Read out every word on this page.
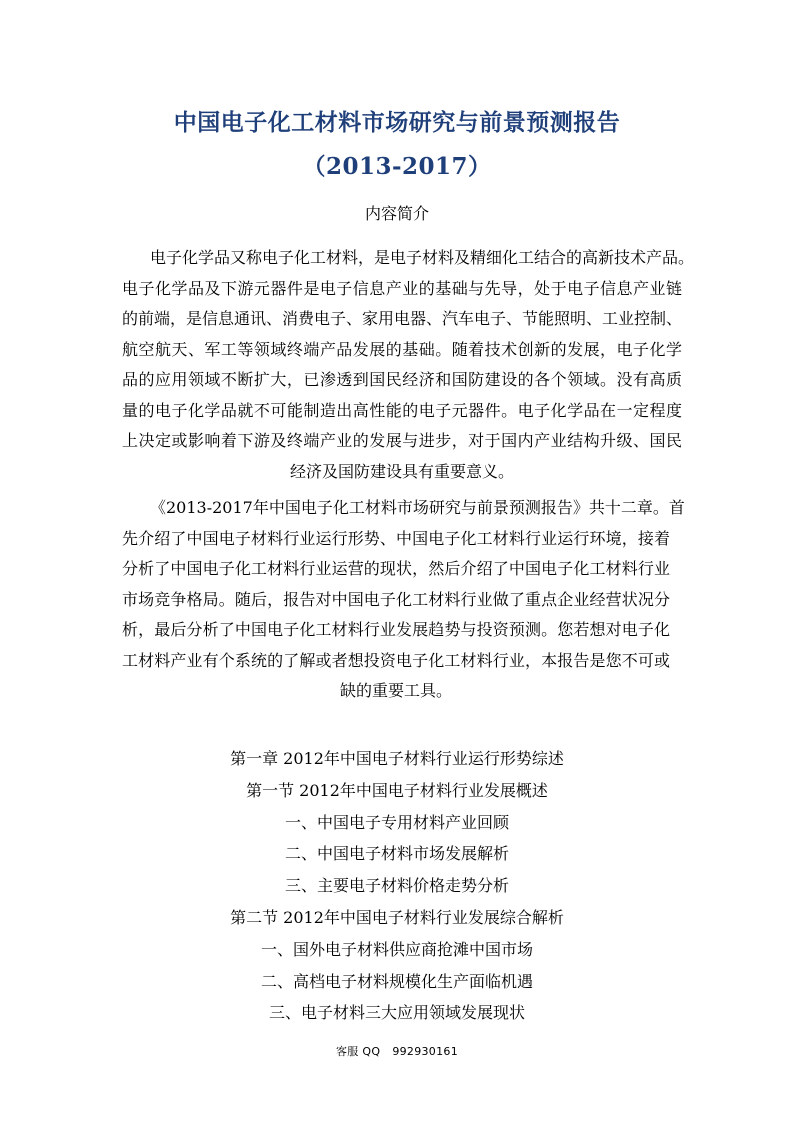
中国电子化工材料市场研究与前景预测报告
（2013-2017）
内容简介
电子化学品又称电子化工材料，是电子材料及精细化工结合的高新技术产品。
电子化学品及下游元器件是电子信息产业的基础与先导，处于电子信息产业链
的前端，是信息通讯、消费电子、家用电器、汽车电子、节能照明、工业控制、
航空航天、军工等领域终端产品发展的基础。随着技术创新的发展，电子化学
品的应用领域不断扩大，已渗透到国民经济和国防建设的各个领域。没有高质
量的电子化学品就不可能制造出高性能的电子元器件。电子化学品在一定程度
上决定或影响着下游及终端产业的发展与进步，对于国内产业结构升级、国民
经济及国防建设具有重要意义。
《2013-2017年中国电子化工材料市场研究与前景预测报告》共十二章。首
先介绍了中国电子材料行业运行形势、中国电子化工材料行业运行环境，接着
分析了中国电子化工材料行业运营的现状，然后介绍了中国电子化工材料行业
市场竞争格局。随后，报告对中国电子化工材料行业做了重点企业经营状况分
析，最后分析了中国电子化工材料行业发展趋势与投资预测。您若想对电子化
工材料产业有个系统的了解或者想投资电子化工材料行业，本报告是您不可或
缺的重要工具。
第一章 2012年中国电子材料行业运行形势综述
第一节 2012年中国电子材料行业发展概述
一、中国电子专用材料产业回顾
二、中国电子材料市场发展解析
三、主要电子材料价格走势分析
第二节 2012年中国电子材料行业发展综合解析
一、国外电子材料供应商抢滩中国市场
二、高档电子材料规模化生产面临机遇
三、电子材料三大应用领域发展现状
客服 QQ 992930161
